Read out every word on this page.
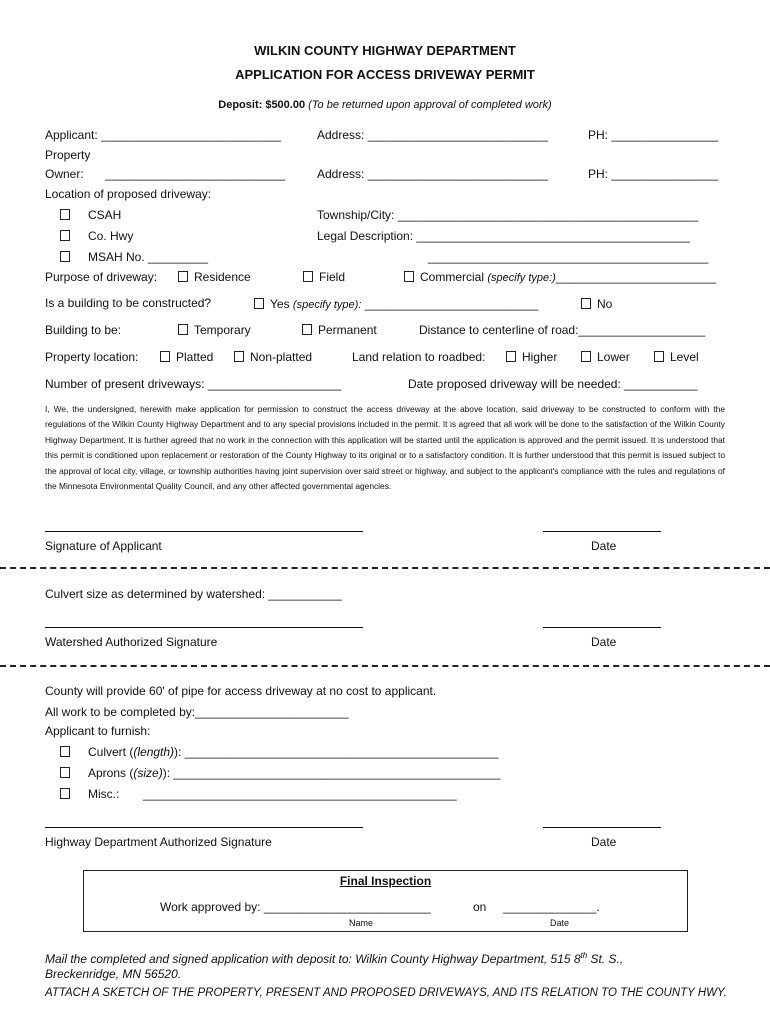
WILKIN COUNTY HIGHWAY DEPARTMENT
APPLICATION FOR ACCESS DRIVEWAY PERMIT
Deposit: $500.00 (To be returned upon approval of completed work)
Applicant: ___________________________	Address: ___________________________	PH: ________________
Property
Owner: ___________________________	Address: ___________________________	PH: ________________
Location of proposed driveway:
CSAH
Co. Hwy
MSAH No. _________
Township/City: _____________________________________________
Legal Description: _________________________________________
__________________________________________
Purpose of driveway:	Residence	Field	Commercial (specify type:)________________________
Is a building to be constructed?	Yes (specify type): __________________________	No
Building to be:	Temporary	Permanent	Distance to centerline of road:___________________
Property location:	Platted	Non-platted	Land relation to roadbed:	Higher	Lower	Level
Number of present driveways: ____________________	Date proposed driveway will be needed: ___________
I, We, the undersigned, herewith make application for permission to construct the access driveway at the above location, said driveway to be constructed to conform with the regulations of the Wilkin County Highway Department and to any special provisions included in the permit. It is agreed that all work will be done to the satisfaction of the Wilkin County Highway Department. It is further agreed that no work in the connection with this application will be started until the application is approved and the permit issued. It is understood that this permit is conditioned upon replacement or restoration of the County Highway to its original or to a satisfactory condition. It is further understood that this permit is issued subject to the approval of local city, village, or township authorities having joint supervision over said street or highway, and subject to the applicant's compliance with the rules and regulations of the Minnesota Environmental Quality Council, and any other affected governmental agencies.
Signature of Applicant	Date
Culvert size as determined by watershed: ___________
Watershed Authorized Signature	Date
County will provide 60' of pipe for access driveway at no cost to applicant.
All work to be completed by:_______________________
Applicant to furnish:
Culvert ((length)): _______________________________________________
Aprons ((size)): _________________________________________________
Misc.: _______________________________________________
Highway Department Authorized Signature	Date
Final Inspection
Work approved by: _________________________	on ______________.
Name	Date
Mail the completed and signed application with deposit to: Wilkin County Highway Department, 515 8th St. S.,
Breckenridge, MN 56520.
ATTACH A SKETCH OF THE PROPERTY, PRESENT AND PROPOSED DRIVEWAYS, AND ITS RELATION TO THE COUNTY HWY.
